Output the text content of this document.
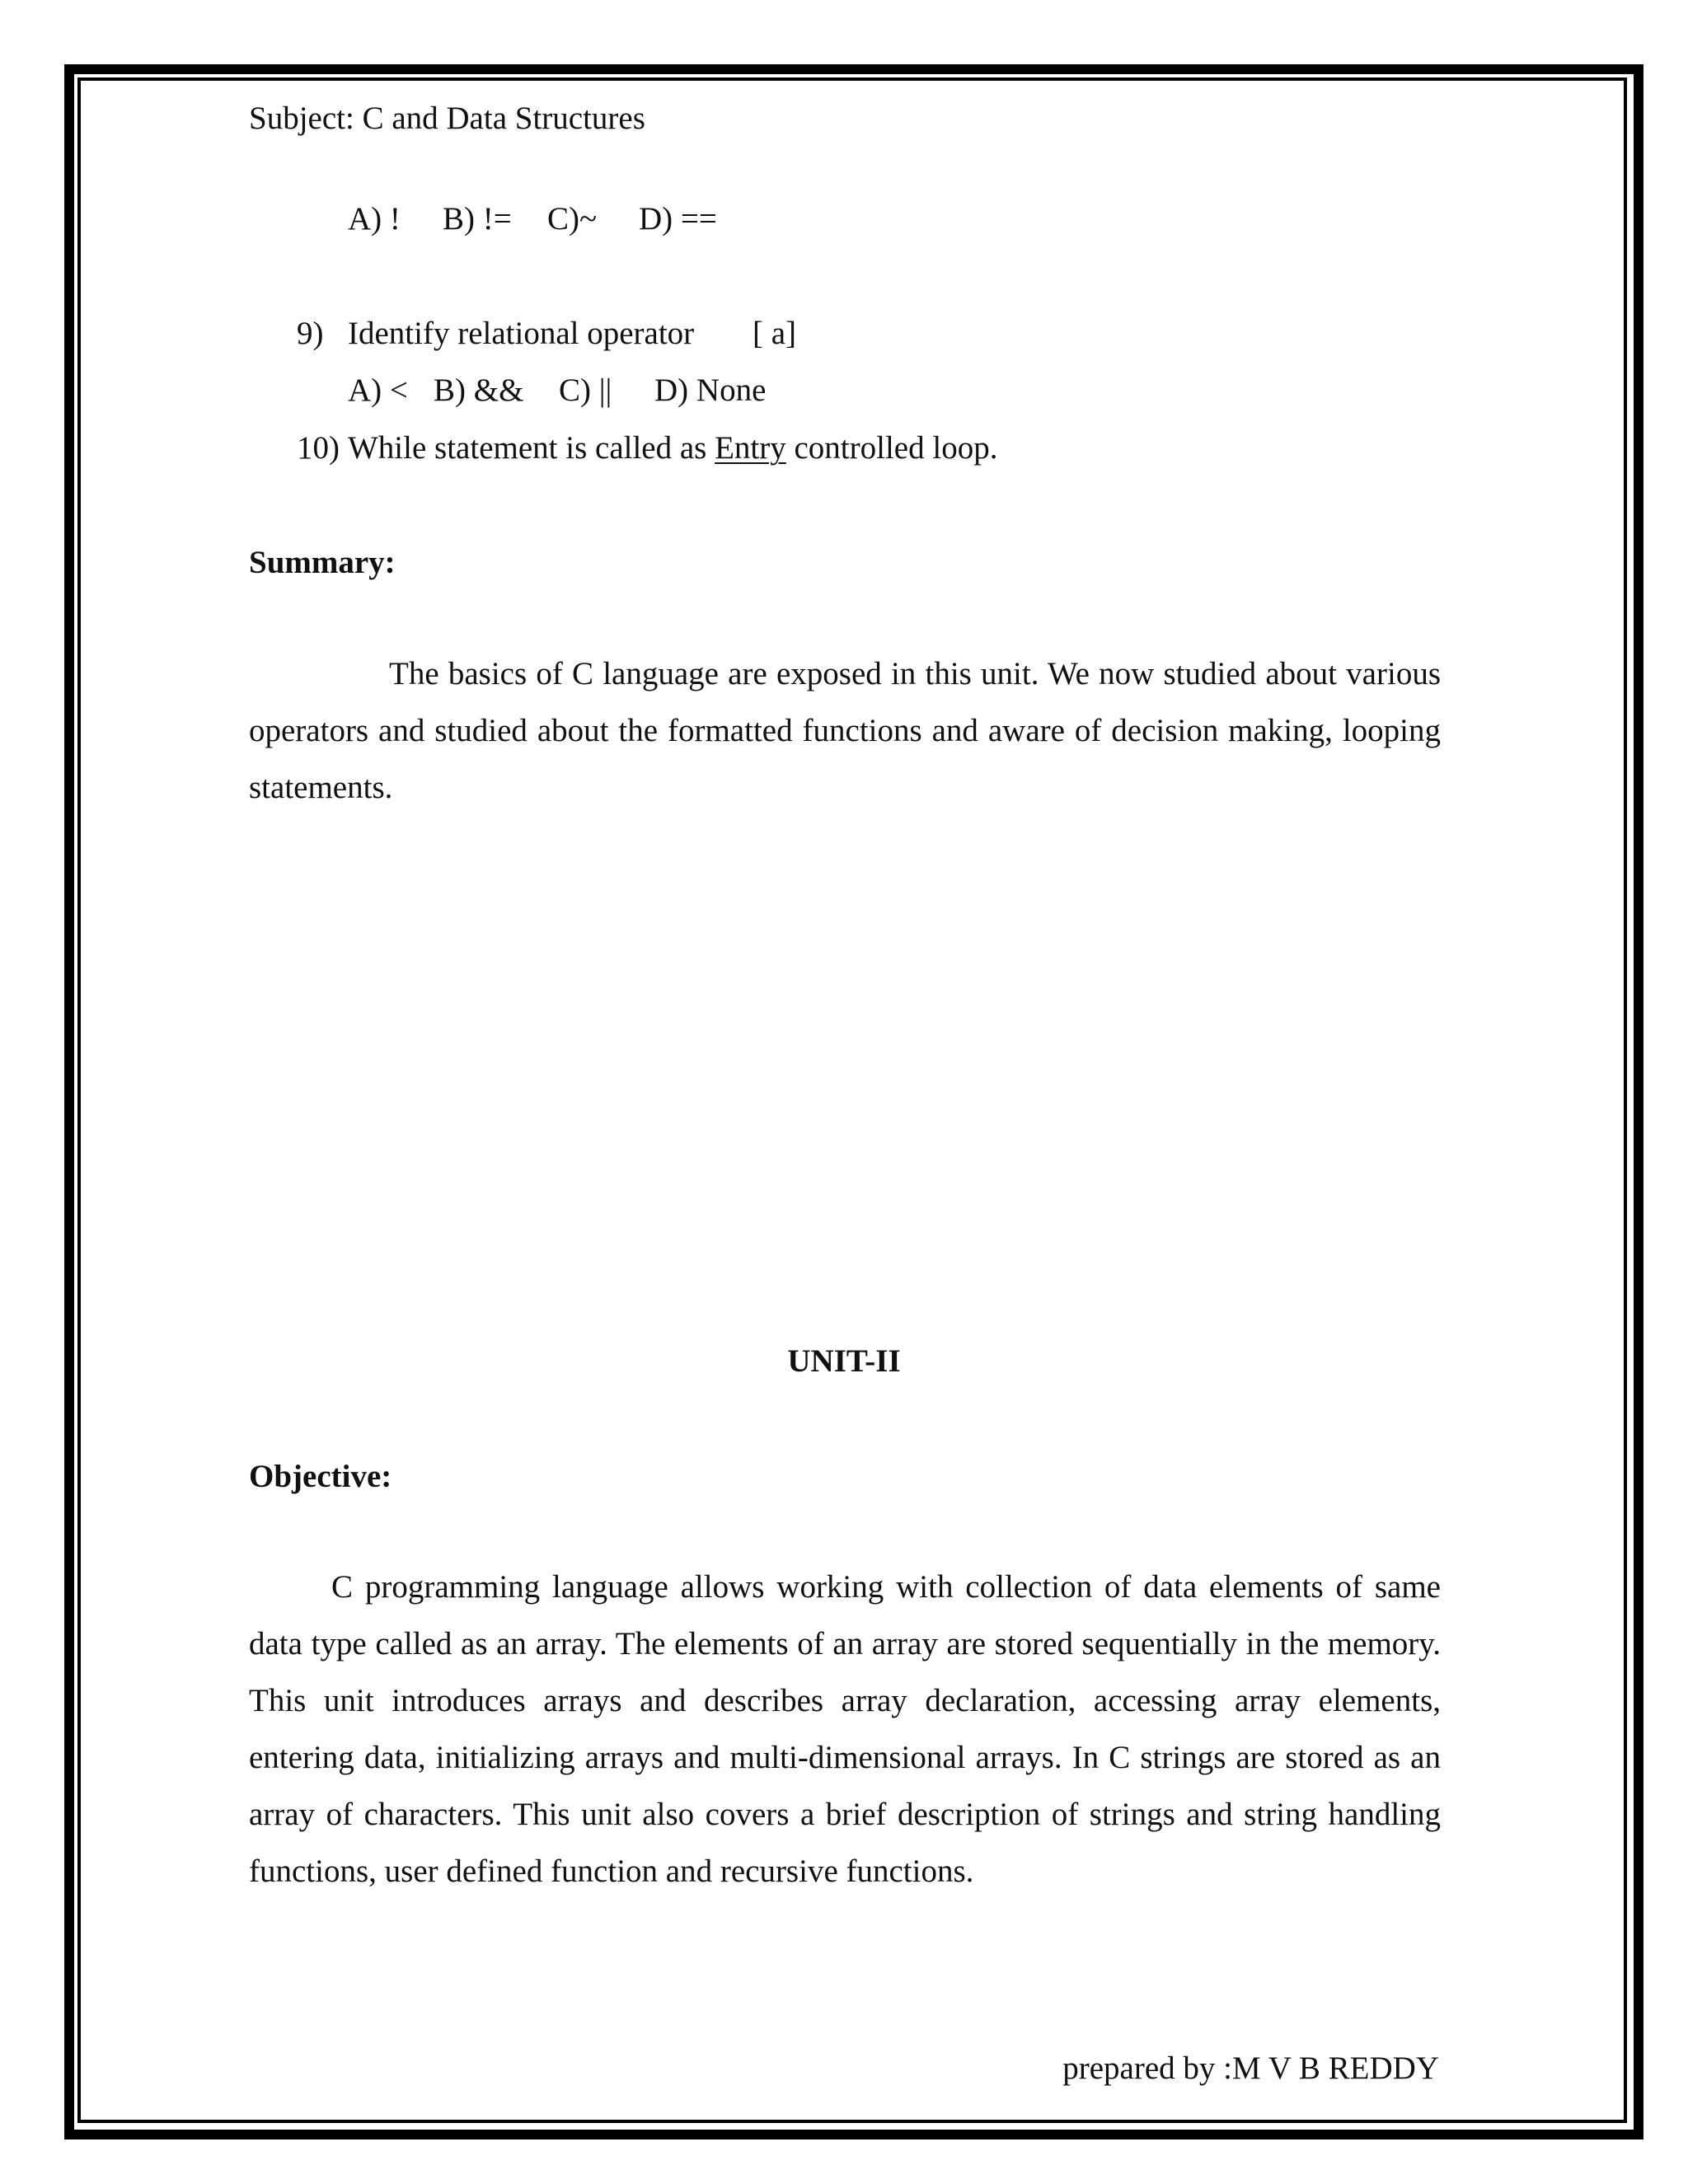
Subject: C and Data Structures
A) ! B) != C)~ D) ==
9) Identify relational operator [ a]
A) < B) && C) || D) None
10) While statement is called as Entry controlled loop.
Summary:

The basics of C language are exposed in this unit. We now studied about various operators and studied about the formatted functions and aware of decision making, looping statements.

UNIT-II
Objective:

C programming language allows working with collection of data elements of same data type called as an array. The elements of an array are stored sequentially in the memory. This unit introduces arrays and describes array declaration, accessing array elements, entering data, initializing arrays and multi-dimensional arrays. In C strings are stored as an array of characters. This unit also covers a brief description of strings and string handling functions, user defined function and recursive functions.

prepared by :M V B REDDY
